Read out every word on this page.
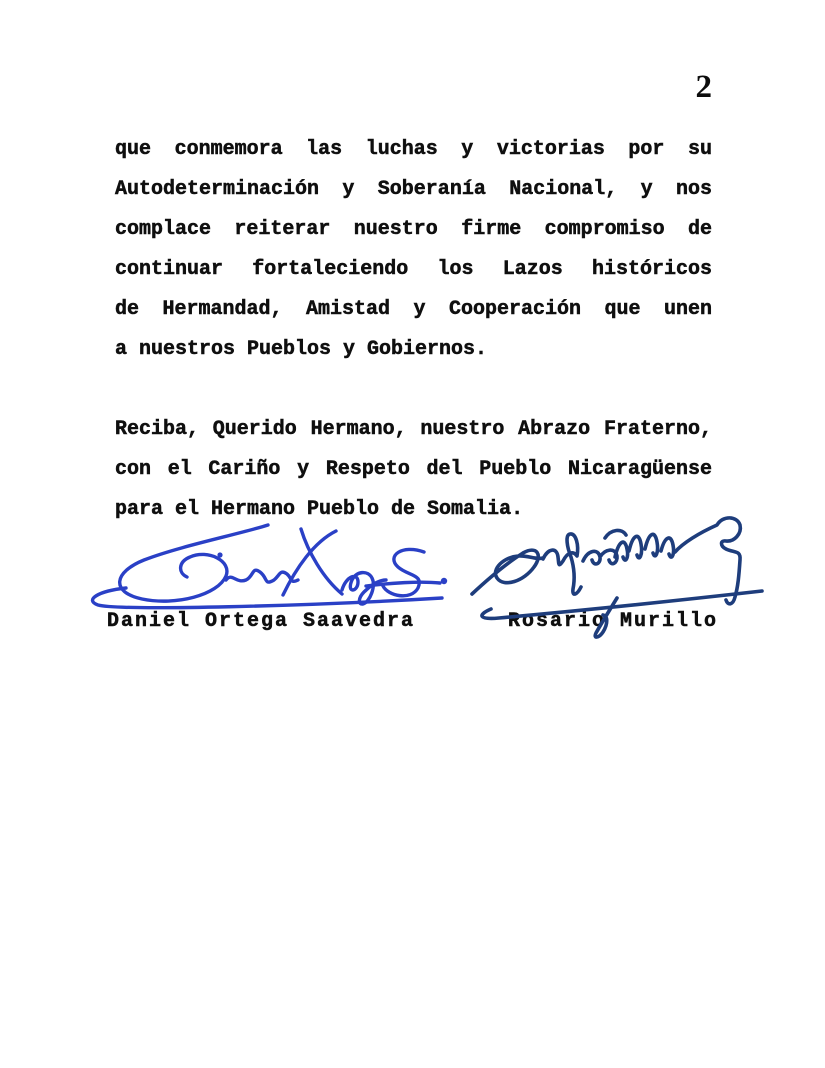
2
que conmemora las luchas y victorias por su
Autodeterminación y Soberanía Nacional, y nos
complace reiterar nuestro firme compromiso de
continuar fortaleciendo los Lazos históricos
de Hermandad, Amistad y Cooperación que unen
a nuestros Pueblos y Gobiernos.
Reciba, Querido Hermano, nuestro Abrazo Fraterno,
con el Cariño y Respeto del Pueblo Nicaragüense
para el Hermano Pueblo de Somalia.
Daniel Ortega Saavedra	Rosario Murillo
